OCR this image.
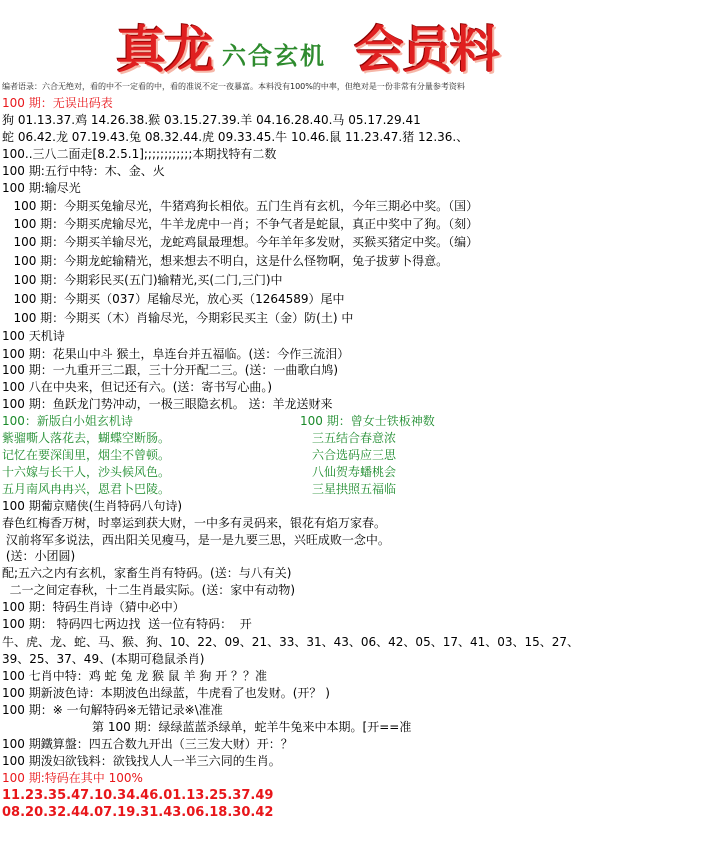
真龙 六合玄机 会员料
编者语录：六合无绝对，看的中不一定看的中，看的准说不定一夜暴富。本料没有100%的中率，但绝对是一份非常有分量参考资料
100 期：无误出码表
狗 01.13.37.鸡 14.26.38.猴 03.15.27.39.羊 04.16.28.40.马 05.17.29.41
蛇 06.42.龙 07.19.43.兔 08.32.44.虎 09.33.45.牛 10.46.鼠 11.23.47.猪 12.36.、
100..三八二面走[8.2.5.1];;;;;;;;;;;;本期找特有二数
100 期:五行中特：木、金、火
100 期:输尽光
100 期：今期买兔输尽光，牛猪鸡狗长相依。五门生肖有玄机，今年三期必中奖。（国）
100 期：今期买虎输尽光，牛羊龙虎中一肖；不争气者是蛇鼠，真正中奖中了狗。（刻）
100 期：今期买羊输尽光，龙蛇鸡鼠最理想。今年羊年多发财，买猴买猪定中奖。（编）
100 期：今期龙蛇输精光，想来想去不明白，这是什么怪物啊，兔子拔萝卜得意。
100 期：今期彩民买(五门)输精光,买(二门,三门)中
100 期：今期买（037）尾输尽光，放心买（1264589）尾中
100 期：今期买（木）肖输尽光，今期彩民买主（金）防(土) 中
100 天机诗
100 期：花果山中斗 猴土，阜连台并五福临。(送：今作三流泪）
100 期：一九重开三二跟，三十分开配二三。(送：一曲歌白鸠)
100 八在中央来，但记还有六。(送：寄书写心曲。)
100 期：鱼跃龙门势冲动，一极三眼隐玄机。 送：羊龙送财来
100：新版白小姐玄机诗	100 期：曾女士铁板神数
紫骝嘶人落花去，蝴蝶空断肠。	三五结合春意浓
记忆在要深闺里，烟尘不曾顿。	六合选码应三思
十六嫁与长干人，沙头候风色。	八仙贺寿蟠桃会
五月南风冉冉兴，恩君卜巴陵。	三星拱照五福临
100 期葡京赌侠(生肖特码八句诗)
春色红梅香万树，时辜运到获大财，一中多有灵码来，银花有焰万家春。
汉前将军多说法，西出阳关见瘦马，是一是九要三思，兴旺成败一念中。
(送：小团圆)
配;五六之内有玄机，家畜生肖有特码。(送：与八有关)
二一之间定春秋，十二生肖最实际。(送：家中有动物)
100 期：特码生肖诗（猜中必中）
100 期： 特码四七两边找  送一位有特码：  开
牛、虎、龙、蛇、马、猴、狗、10、22、09、21、33、31、43、06、42、05、17、41、03、15、27、
39、25、37、49、(本期可稳鼠杀肖)
100 七肖中特：鸡 蛇 兔 龙 猴 鼠 羊 狗 开 ？？准
100 期新波色诗：本期波色出绿蓝，牛虎看了也发财。(开？ )
100 期：※ 一句解特码※无错记录※\准准
第 100 期：绿绿蓝蓝杀绿单，蛇羊牛兔来中本期。[开==准
100 期鐵算盤：四五合数九开出（三三发大财）开：？
100 期泼妇欲钱料：欲钱找人人一半三六同的生肖。
100 期:特码在其中 100%
11.23.35.47.10.34.46.01.13.25.37.49
08.20.32.44.07.19.31.43.06.18.30.42
